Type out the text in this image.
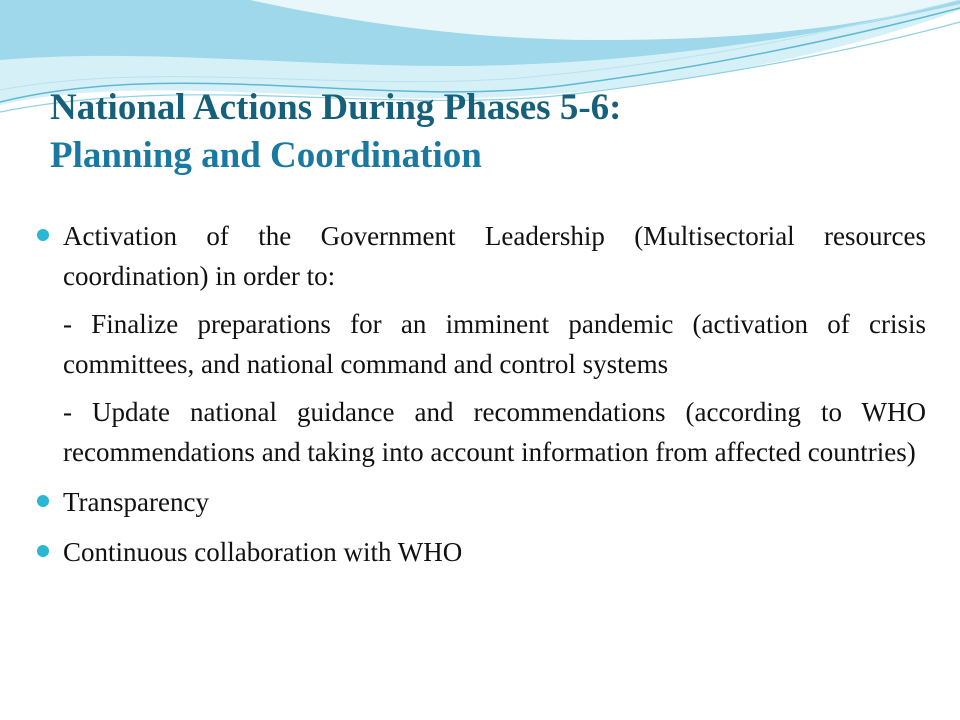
National Actions During Phases 5-6:
Planning and Coordination
Activation of the Government Leadership (Multisectorial resources coordination) in order to:
- Finalize preparations for an imminent pandemic (activation of crisis committees, and national command and control systems
- Update national guidance and recommendations (according to WHO recommendations and taking into account information from affected countries)
Transparency
Continuous collaboration with WHO
